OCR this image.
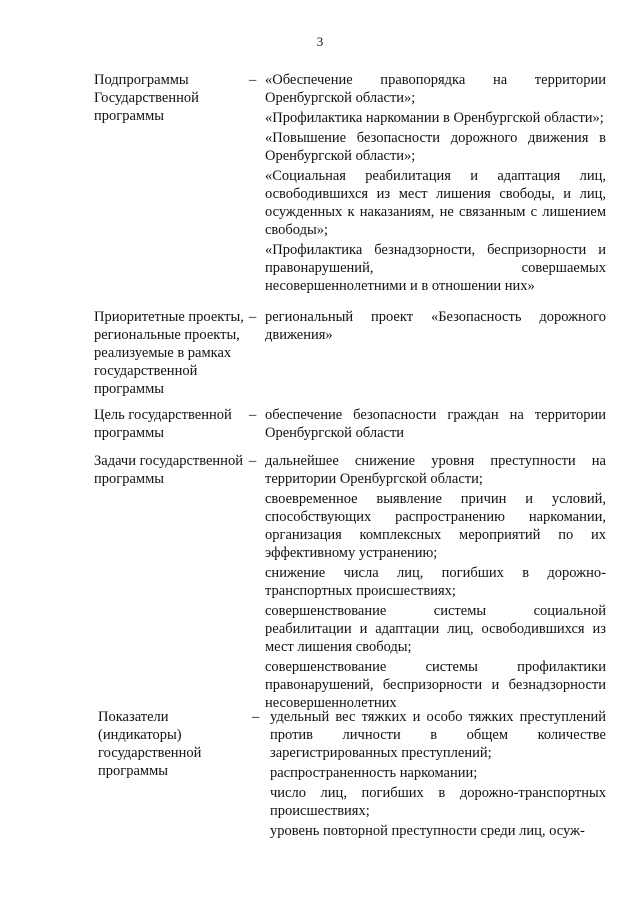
3
Подпрограммы Государственной программы
– «Обеспечение правопорядка на территории Оренбургской области»;

«Профилактика наркомании в Оренбургской области»;

«Повышение безопасности дорожного движения в Оренбургской области»;

«Социальная реабилитация и адаптация лиц, освободившихся из мест лишения свободы, и лиц, осужденных к наказаниям, не связанным с лишением свободы»;

«Профилактика безнадзорности, беспризорности и правонарушений, совершаемых несовершеннолетними и в отношении них»

Приоритетные проекты, региональные проекты, реализуемые в рамках государственной программы
– региональный проект «Безопасность дорожного движения»

Цель государственной программы
– обеспечение безопасности граждан на территории Оренбургской области

Задачи государственной программы
– дальнейшее снижение уровня преступности на территории Оренбургской области;

своевременное выявление причин и условий, способствующих распространению наркомании, организация комплексных мероприятий по их эффективному устранению;

снижение числа лиц, погибших в дорожно-транспортных происшествиях;

совершенствование системы социальной реабилитации и адаптации лиц, освободившихся из мест лишения свободы;

совершенствование системы профилактики правонарушений, беспризорности и безнадзорности несовершеннолетних

Показатели (индикаторы) государственной программы
– удельный вес тяжких и особо тяжких преступлений против личности в общем количестве зарегистрированных преступлений;

распространенность наркомании;

число лиц, погибших в дорожно-транспортных происшествиях;

уровень повторной преступности среди лиц, осуж-
